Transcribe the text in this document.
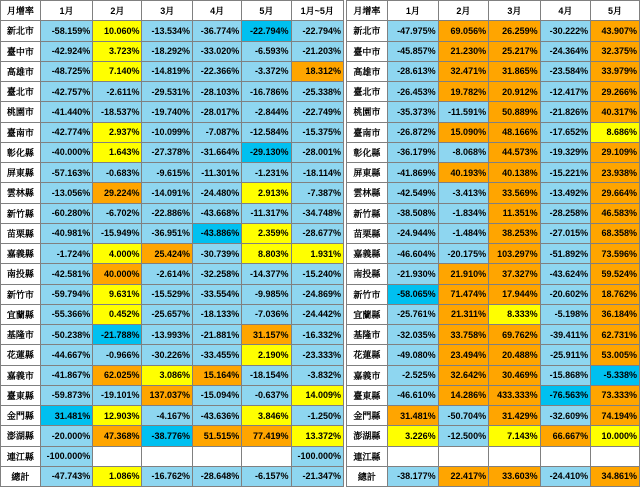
月增率	1月	2月	3月	4月	5月	1月~5月
新北市	-58.159%	10.060%	-13.534%	-36.774%	-22.794%	-22.794%
臺中市	-42.924%	3.723%	-18.292%	-33.020%	-6.593%	-21.203%
高雄市	-48.725%	7.140%	-14.819%	-22.366%	-3.372%	18.312%
臺北市	-42.757%	-2.611%	-29.531%	-28.103%	-16.786%	-25.338%
桃園市	-41.440%	-18.537%	-19.740%	-28.017%	-2.844%	-22.749%
臺南市	-42.774%	2.937%	-10.099%	-7.087%	-12.584%	-15.375%
彰化縣	-40.000%	1.643%	-27.378%	-31.664%	-29.130%	-28.001%
屏東縣	-57.163%	-0.683%	-9.615%	-11.301%	-1.231%	-18.114%
雲林縣	-13.056%	29.224%	-14.091%	-24.480%	2.913%	-7.387%
新竹縣	-60.280%	-6.702%	-22.886%	-43.668%	-11.317%	-34.748%
苗栗縣	-40.981%	-15.949%	-36.951%	-43.886%	2.359%	-28.677%
嘉義縣	-1.724%	4.000%	25.424%	-30.739%	8.803%	1.931%
南投縣	-42.581%	40.000%	-2.614%	-32.258%	-14.377%	-15.240%
新竹市	-59.794%	9.631%	-15.529%	-33.554%	-9.985%	-24.869%
宜蘭縣	-55.366%	0.452%	-25.657%	-18.133%	-7.036%	-24.442%
基隆市	-50.238%	-21.788%	-13.993%	-21.881%	31.157%	-16.332%
花蓮縣	-44.667%	-0.966%	-30.226%	-33.455%	2.190%	-23.333%
嘉義市	-41.867%	62.025%	3.086%	15.164%	-18.154%	-3.832%
臺東縣	-59.873%	-19.101%	137.037%	-15.094%	-0.637%	14.009%
金門縣	31.481%	12.903%	-4.167%	-43.636%	3.846%	-1.250%
澎湖縣	-20.000%	47.368%	-38.776%	51.515%	77.419%	13.372%
連江縣	-100.000%					-100.000%
總計	-47.743%	1.086%	-16.762%	-28.648%	-6.157%	-21.347%
月增率	1月	2月	3月	4月	5月
新北市	-47.975%	69.056%	26.259%	-30.222%	43.907%
臺中市	-45.857%	21.230%	25.217%	-24.364%	32.375%
高雄市	-28.613%	32.471%	31.865%	-23.584%	33.979%
臺北市	-26.453%	19.782%	20.912%	-12.417%	29.266%
桃園市	-35.373%	-11.591%	50.889%	-21.826%	40.317%
臺南市	-26.872%	15.090%	48.166%	-17.652%	8.686%
彰化縣	-36.179%	-8.068%	44.573%	-19.329%	29.109%
屏東縣	-41.869%	40.193%	40.138%	-15.221%	23.938%
雲林縣	-42.549%	-3.413%	33.569%	-13.492%	29.664%
新竹縣	-38.508%	-1.834%	11.351%	-28.258%	46.583%
苗栗縣	-24.944%	-1.484%	38.253%	-27.015%	68.358%
嘉義縣	-46.604%	-20.175%	103.297%	-51.892%	73.596%
南投縣	-21.930%	21.910%	37.327%	-43.624%	59.524%
新竹市	-58.065%	71.474%	17.944%	-20.602%	18.762%
宜蘭縣	-25.761%	21.311%	8.333%	-5.198%	36.184%
基隆市	-32.035%	33.758%	69.762%	-39.411%	62.731%
花蓮縣	-49.080%	23.494%	20.488%	-25.911%	53.005%
嘉義市	-2.525%	32.642%	30.469%	-15.868%	-5.338%
臺東縣	-46.610%	14.286%	433.333%	-76.563%	73.333%
金門縣	31.481%	-50.704%	31.429%	-32.609%	74.194%
澎湖縣	3.226%	-12.500%	7.143%	66.667%	10.000%
連江縣					
總計	-38.177%	22.417%	33.603%	-24.410%	34.861%
